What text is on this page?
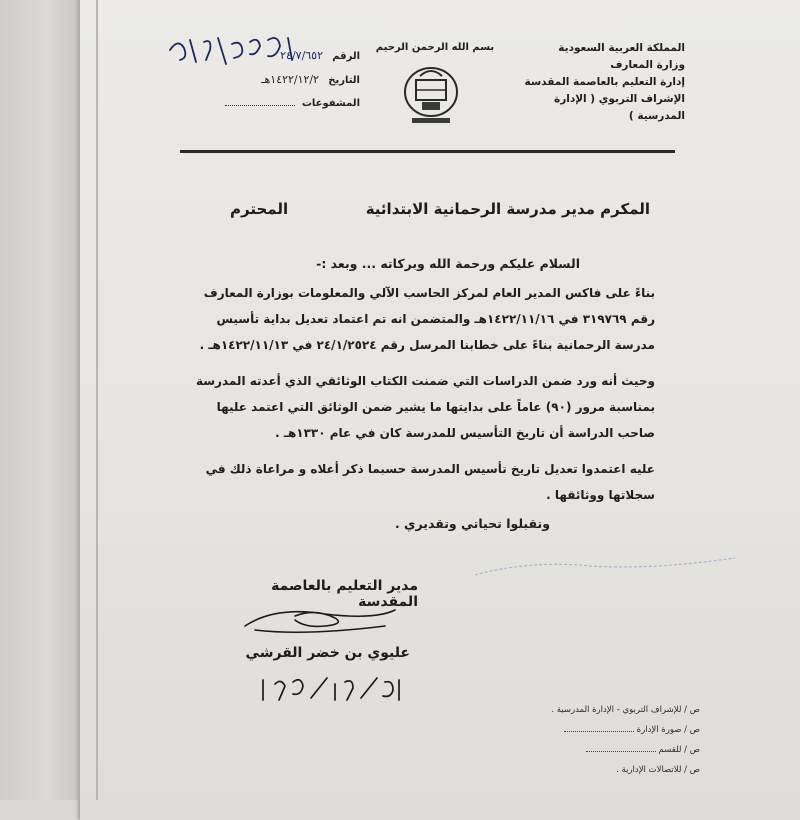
المملكة العربية السعودية
وزارة المعارف
إدارة التعليم بالعاصمة المقدسة
الإشراف التربوي ( الإدارة المدرسية )
بسم الله الرحمن الرحيم
الرقم ٢٤/٧/٦٥٢
التاريخ ١٤٢٢/١٢/٢هـ
المشفوعات
المكرم مدير مدرسة الرحمانية الابتدائية
المحترم
السلام عليكم ورحمة الله وبركاته ... وبعد :-
بناءً على فاكس المدير العام لمركز الحاسب الآلي والمعلومات بوزارة المعارف رقم ٣١٩٧٦٩ في ١٤٢٢/١١/١٦هـ والمتضمن انه تم اعتماد تعديل بداية تأسيس مدرسة الرحمانية بناءً على خطابنا المرسل رقم ٢٤/١/٢٥٢٤ في ١٤٢٢/١١/١٣هـ .
وحيث أنه ورد ضمن الدراسات التي ضمنت الكتاب الوثائقي الذي أعدته المدرسة بمناسبة مرور (٩٠) عاماً على بدايتها ما يشير ضمن الوثائق التي اعتمد عليها صاحب الدراسة أن تاريخ التأسيس للمدرسة كان في عام ١٣٣٠هـ .
عليه اعتمدوا تعديل تاريخ تأسيس المدرسة حسبما ذكر أعلاه و مراعاة ذلك في سجلاتها ووثائقها .
وتقبلوا تحياتي وتقديري .
مدير التعليم بالعاصمة المقدسة
عليوي بن خضر القرشي
ص / للإشراف التربوي - الإدارة المدرسية .
ص / صورة الإدارة
ص / للقسم
ص / للاتصالات الإدارية .
